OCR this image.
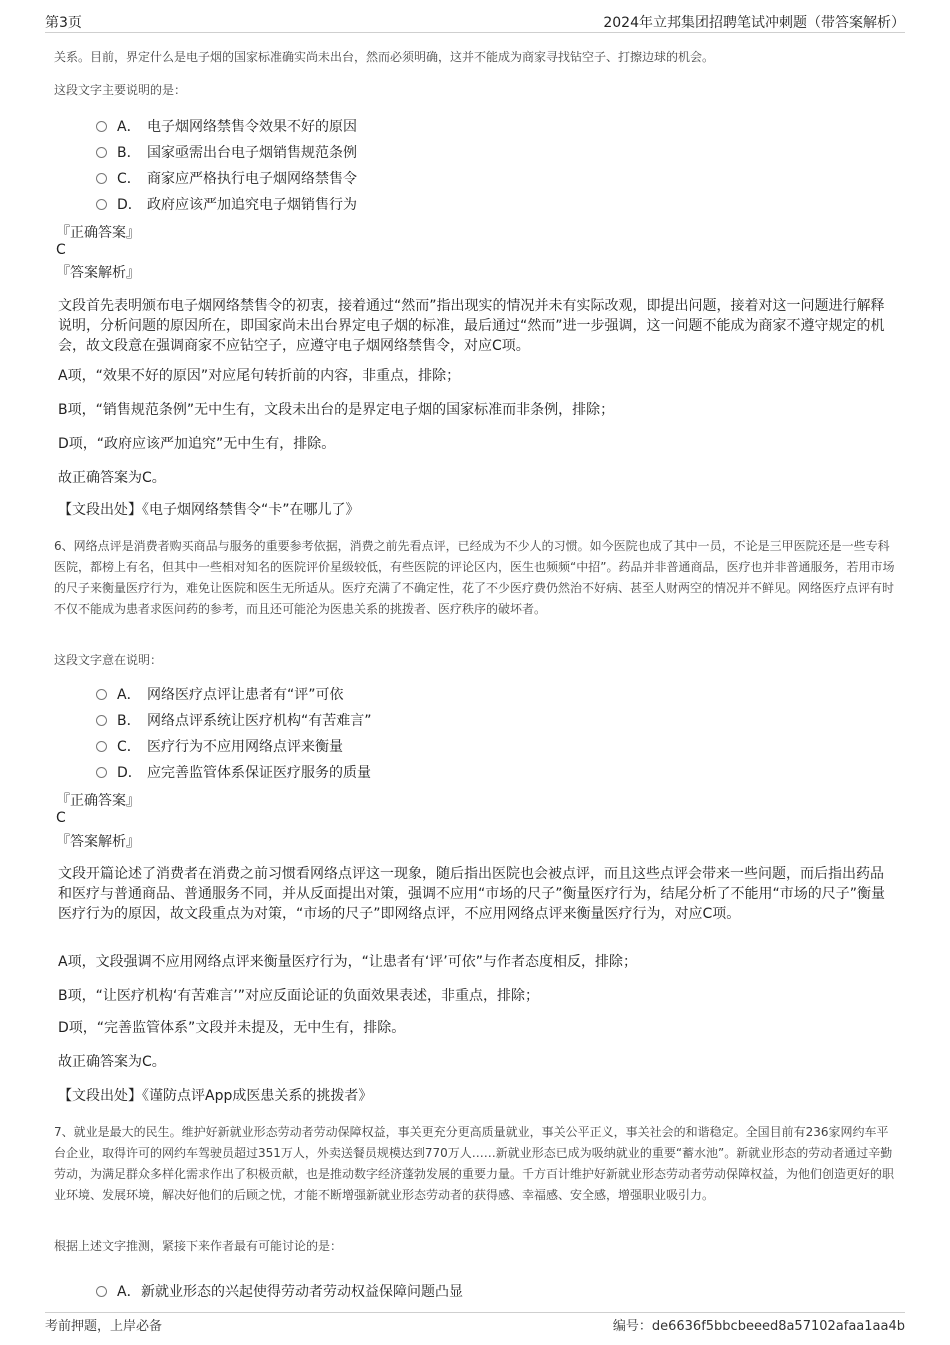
第3页	2024年立邦集团招聘笔试冲刺题（带答案解析）
关系。目前，界定什么是电子烟的国家标准确实尚未出台，然而必须明确，这并不能成为商家寻找钻空子、打擦边球的机会。
这段文字主要说明的是：
A． 电子烟网络禁售令效果不好的原因
B． 国家亟需出台电子烟销售规范条例
C． 商家应严格执行电子烟网络禁售令
D． 政府应该严加追究电子烟销售行为
『正确答案』
C
『答案解析』
文段首先表明颁布电子烟网络禁售令的初衷，接着通过“然而”指出现实的情况并未有实际改观，即提出问题，接着对这一问题进行解释说明，分析问题的原因所在，即国家尚未出台界定电子烟的标准，最后通过“然而”进一步强调，这一问题不能成为商家不遵守规定的机会，故文段意在强调商家不应钻空子，应遵守电子烟网络禁售令，对应C项。
A项，“效果不好的原因”对应尾句转折前的内容，非重点，排除；
B项，“销售规范条例”无中生有，文段未出台的是界定电子烟的国家标准而非条例，排除；
D项，“政府应该严加追究”无中生有，排除。
故正确答案为C。
【文段出处】《电子烟网络禁售令“卡”在哪儿了》
6、网络点评是消费者购买商品与服务的重要参考依据，消费之前先看点评，已经成为不少人的习惯。如今医院也成了其中一员，不论是三甲医院还是一些专科医院，都榜上有名，但其中一些相对知名的医院评价星级较低，有些医院的评论区内，医生也频频“中招”。药品并非普通商品，医疗也并非普通服务，若用市场的尺子来衡量医疗行为，难免让医院和医生无所适从。医疗充满了不确定性，花了不少医疗费仍然治不好病、甚至人财两空的情况并不鲜见。网络医疗点评有时不仅不能成为患者求医问药的参考，而且还可能沦为医患关系的挑拨者、医疗秩序的破坏者。
这段文字意在说明：
A． 网络医疗点评让患者有“评”可依
B． 网络点评系统让医疗机构“有苦难言”
C． 医疗行为不应用网络点评来衡量
D． 应完善监管体系保证医疗服务的质量
『正确答案』
C
『答案解析』
文段开篇论述了消费者在消费之前习惯看网络点评这一现象，随后指出医院也会被点评，而且这些点评会带来一些问题，而后指出药品和医疗与普通商品、普通服务不同，并从反面提出对策，强调不应用“市场的尺子”衡量医疗行为，结尾分析了不能用“市场的尺子”衡量医疗行为的原因，故文段重点为对策，“市场的尺子”即网络点评，不应用网络点评来衡量医疗行为，对应C项。
A项，文段强调不应用网络点评来衡量医疗行为，“让患者有‘评’可依”与作者态度相反，排除；
B项，“让医疗机构‘有苦难言’”对应反面论证的负面效果表述，非重点，排除；
D项，“完善监管体系”文段并未提及，无中生有，排除。
故正确答案为C。
【文段出处】《谨防点评App成医患关系的挑拨者》
7、就业是最大的民生。维护好新就业形态劳动者劳动保障权益，事关更充分更高质量就业，事关公平正义，事关社会的和谐稳定。全国目前有236家网约车平台企业，取得许可的网约车驾驶员超过351万人，外卖送餐员规模达到770万人……新就业形态已成为吸纳就业的重要“蓄水池”。新就业形态的劳动者通过辛勤劳动，为满足群众多样化需求作出了积极贡献，也是推动数字经济蓬勃发展的重要力量。千方百计维护好新就业形态劳动者劳动保障权益，为他们创造更好的职业环境、发展环境，解决好他们的后顾之忧，才能不断增强新就业形态劳动者的获得感、幸福感、安全感，增强职业吸引力。
根据上述文字推测，紧接下来作者最有可能讨论的是：
A．新就业形态的兴起使得劳动者劳动权益保障问题凸显
考前押题，上岸必备	编号：de6636f5bbcbeeed8a57102afaa1aa4b
